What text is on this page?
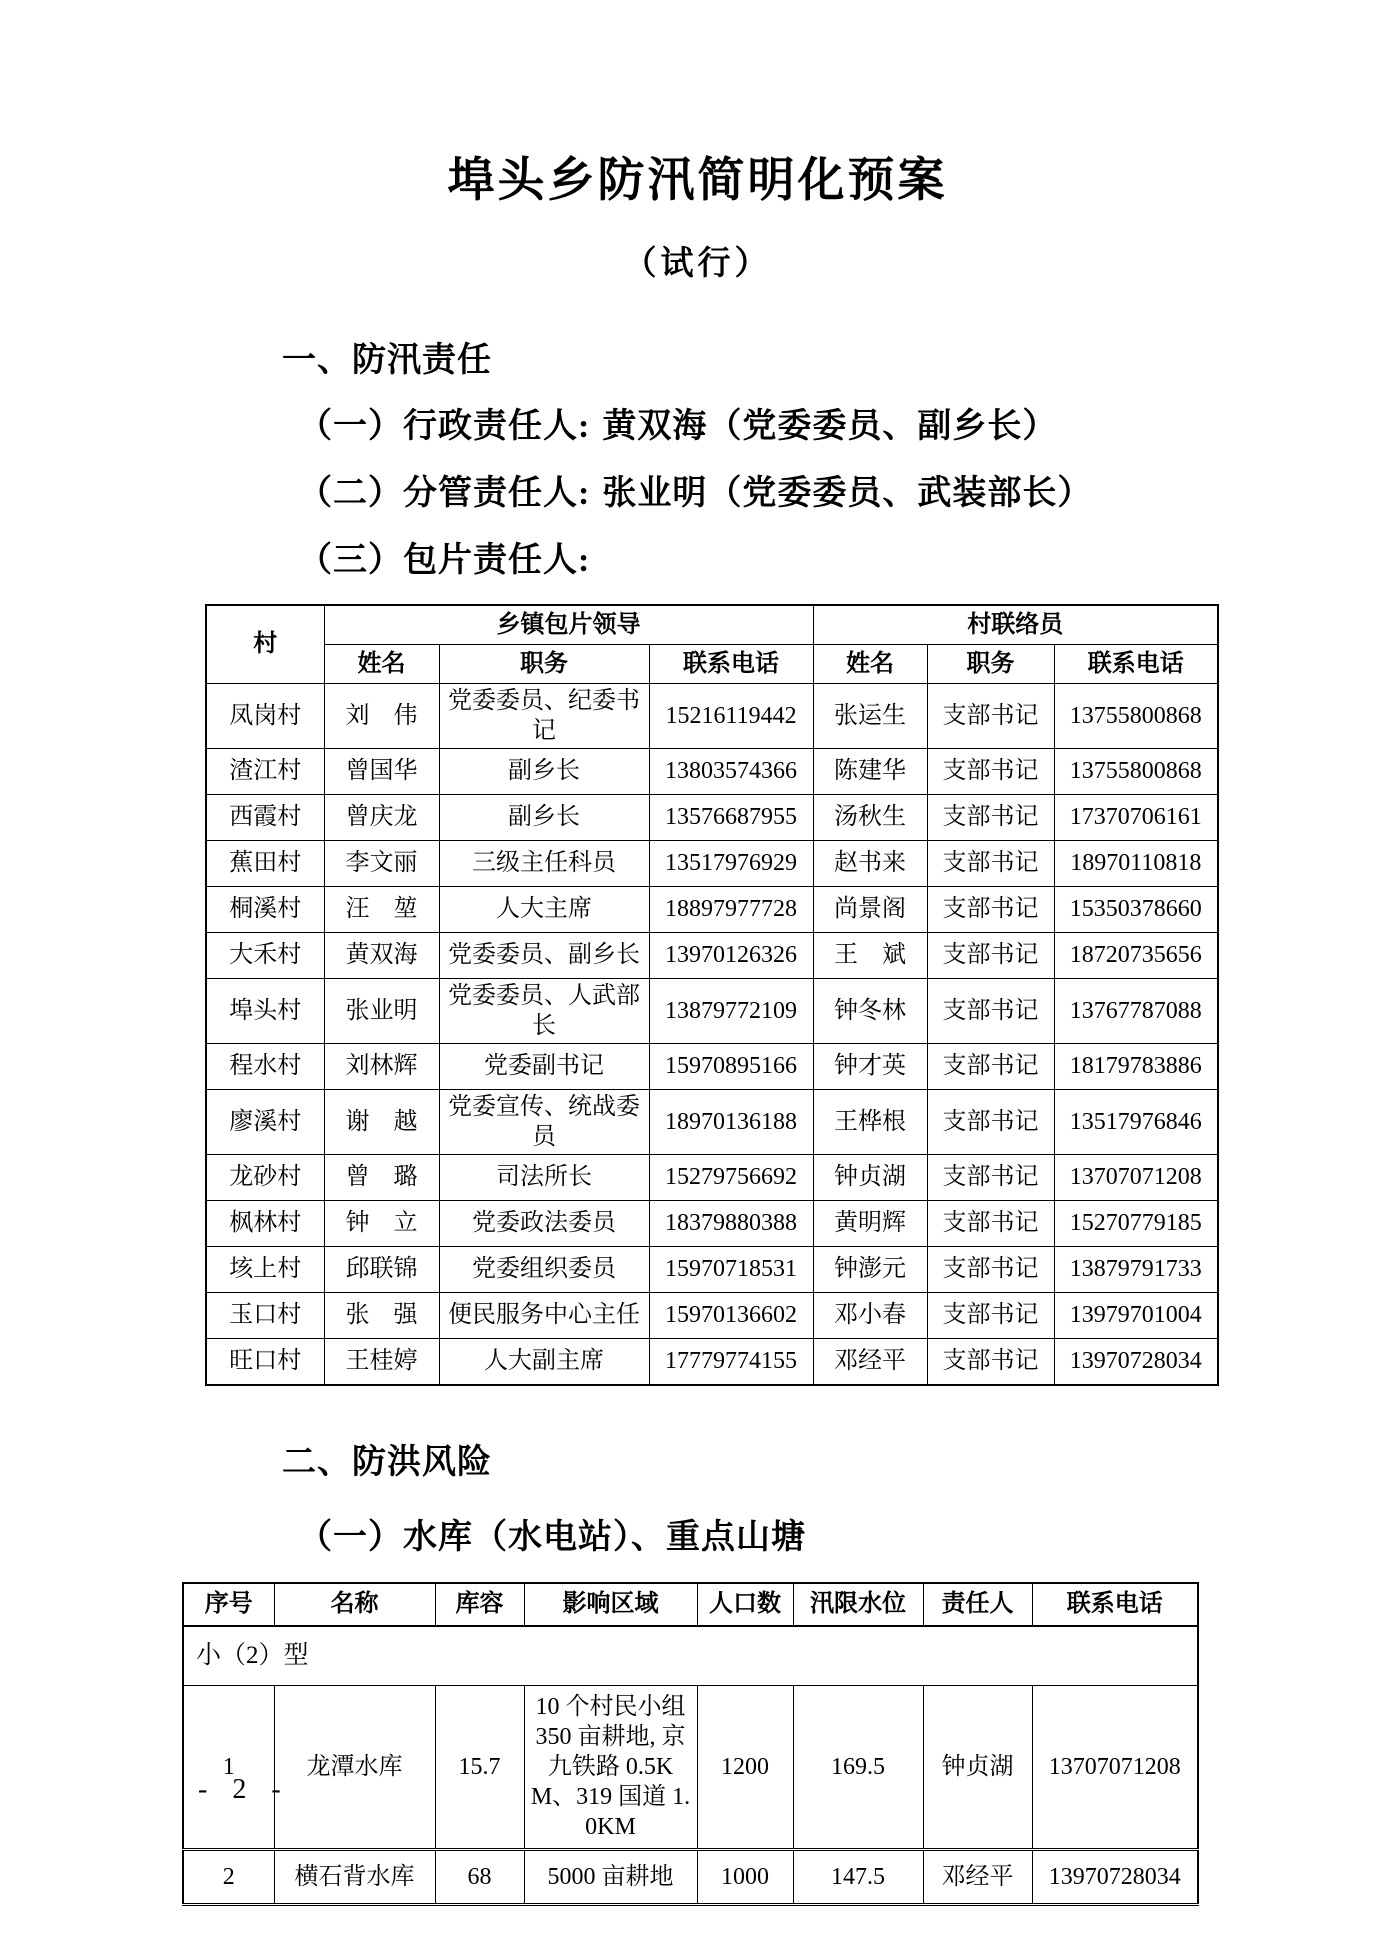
埠头乡防汛简明化预案
（试行）
一、防汛责任

（一）行政责任人: 黄双海（党委委员、副乡长）

（二）分管责任人: 张业明（党委委员、武装部长）

（三）包片责任人:

村	乡镇包片领导			村联络员		
	姓名	职务	联系电话	姓名	职务	联系电话
凤岗村	刘　伟	党委委员、纪委书记	15216119442	张运生	支部书记	13755800868
渣江村	曾国华	副乡长	13803574366	陈建华	支部书记	13755800868
西霞村	曾庆龙	副乡长	13576687955	汤秋生	支部书记	17370706161
蕉田村	李文丽	三级主任科员	13517976929	赵书来	支部书记	18970110818
桐溪村	汪　堃	人大主席	18897977728	尚景阁	支部书记	15350378660
大禾村	黄双海	党委委员、副乡长	13970126326	王　斌	支部书记	18720735656
埠头村	张业明	党委委员、人武部长	13879772109	钟冬林	支部书记	13767787088
程水村	刘林辉	党委副书记	15970895166	钟才英	支部书记	18179783886
廖溪村	谢　越	党委宣传、统战委员	18970136188	王桦根	支部书记	13517976846
龙砂村	曾　璐	司法所长	15279756692	钟贞湖	支部书记	13707071208
枫林村	钟　立	党委政法委员	18379880388	黄明辉	支部书记	15270779185
垓上村	邱联锦	党委组织委员	15970718531	钟澎元	支部书记	13879791733
玉口村	张　强	便民服务中心主任	15970136602	邓小春	支部书记	13979701004
旺口村	王桂婷	人大副主席	17779774155	邓经平	支部书记	13970728034
二、防洪风险
（一）水库（水电站）、重点山塘
序号	名称	库容	影响区域	人口数	汛限水位	责任人	联系电话
小（2）型							
1	龙潭水库	15.7	10 个村民小组 350 亩耕地, 京九铁路 0.5KM、319 国道 1.0KM	1200	169.5	钟贞湖	13707071208
2	横石背水库	68	5000 亩耕地	1000	147.5	邓经平	13970728034
- 2 -
